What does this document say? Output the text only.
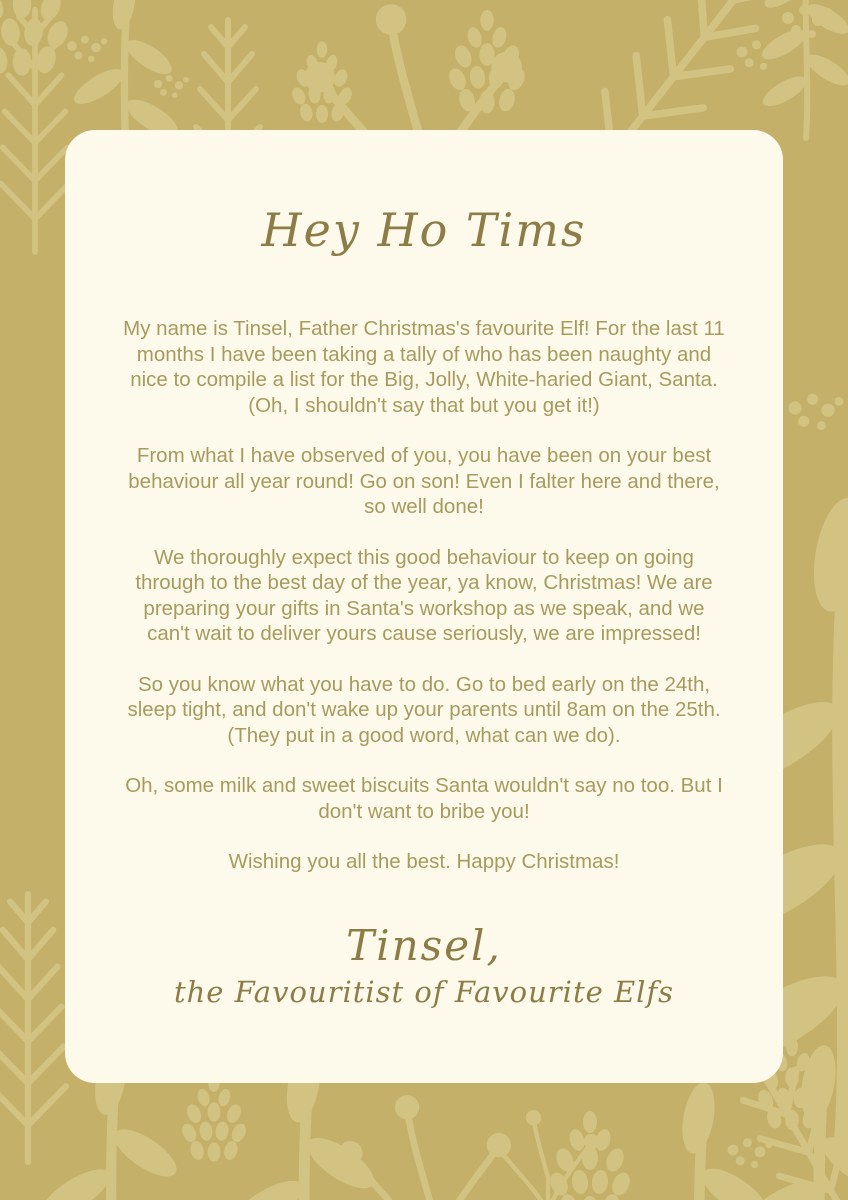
Hey Ho Tims

My name is Tinsel, Father Christmas's favourite Elf! For the last 11 months I have been taking a tally of who has been naughty and nice to compile a list for the Big, Jolly, White-haried Giant, Santa. (Oh, I shouldn't say that but you get it!)

From what I have observed of you, you have been on your best behaviour all year round! Go on son! Even I falter here and there, so well done!

We thoroughly expect this good behaviour to keep on going through to the best day of the year, ya know, Christmas! We are preparing your gifts in Santa's workshop as we speak, and we can't wait to deliver yours cause seriously, we are impressed!

So you know what you have to do. Go to bed early on the 24th, sleep tight, and don't wake up your parents until 8am on the 25th. (They put in a good word, what can we do).

Oh, some milk and sweet biscuits Santa wouldn't say no too. But I don't want to bribe you!

Wishing you all the best. Happy Christmas!

Tinsel,

the Favouritist of Favourite Elfs
